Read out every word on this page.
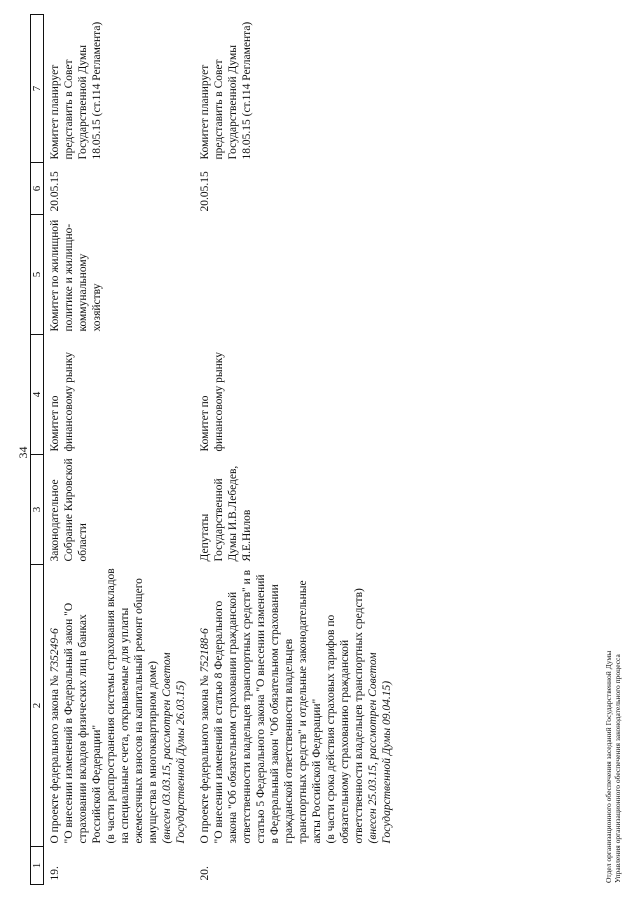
34
1	2	3	4	5	6	7
19.	О проекте федерального закона № 735249-6 "О внесении изменений в Федеральный закон "О страховании вкладов физических лиц в банках Российской Федерации" (в части распространения системы страхования вкладов на специальные счета, открываемые для уплаты ежемесячных взносов на капитальный ремонт общего имущества в многоквартирном доме) (внесен 03.03.15, рассмотрен Советом Государственной Думы 26.03.15)	Законодательное Собрание Кировской области	Комитет по финансовому рынку	Комитет по жилищной политике и жилищно-коммунальному хозяйству	20.05.15	Комитет планирует представить в Совет Государственной Думы 18.05.15 (ст.114 Регламента)
20.	О проекте федерального закона № 752188-6 "О внесении изменений в статью 8 Федерального закона "Об обязательном страховании гражданской ответственности владельцев транспортных средств" и в статью 5 Федерального закона "О внесении изменений в Федеральный закон "Об обязательном страховании гражданской ответственности владельцев транспортных средств" и отдельные законодательные акты Российской Федерации" (в части срока действия страховых тарифов по обязательному страхованию гражданской ответственности владельцев транспортных средств) (внесен 25.03.15, рассмотрен Советом Государственной Думы 09.04.15)	Депутаты Государственной Думы И.В.Лебедев, Я.Е.Нилов	Комитет по финансовому рынку		20.05.15	Комитет планирует представить в Совет Государственной Думы 18.05.15 (ст.114 Регламента)
Отдел организационного обеспечения заседаний Государственной Думы Управления организационного обеспечения законодательного процесса
